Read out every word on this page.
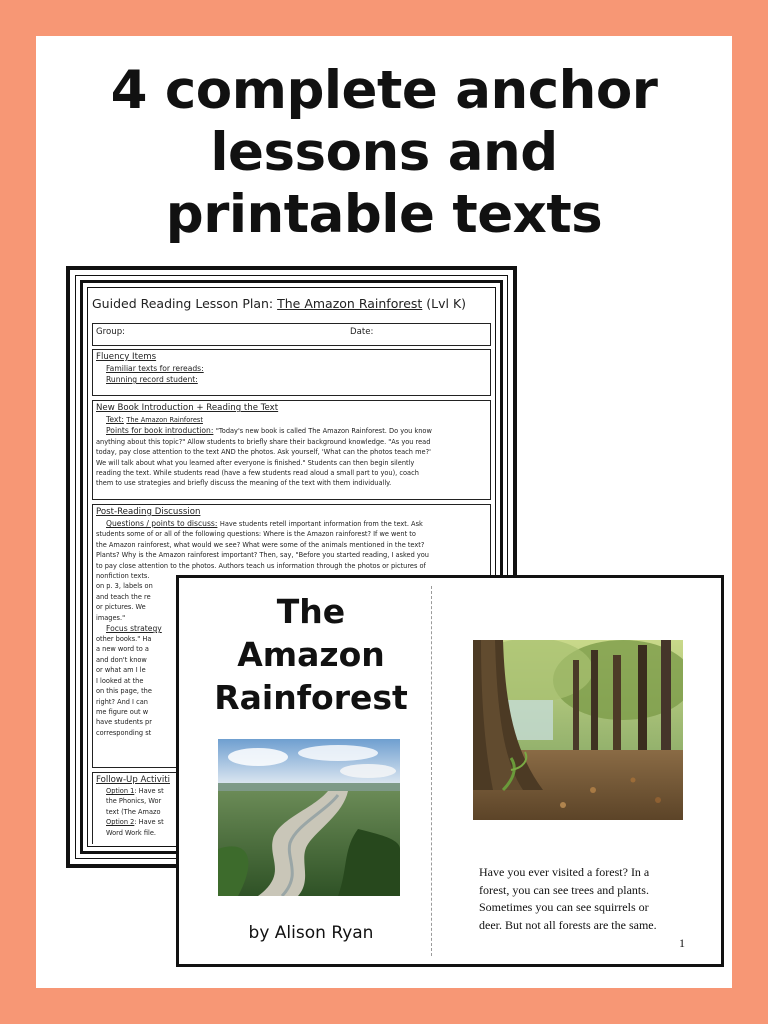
4 complete anchor
lessons and
printable texts
Guided Reading Lesson Plan: The Amazon Rainforest (Lvl K)
Group:	Date:
Fluency Items
Familiar texts for rereads:
Running record student:
New Book Introduction + Reading the Text
Text: The Amazon Rainforest
Points for book introduction: "Today's new book is called The Amazon Rainforest. Do you know
anything about this topic?" Allow students to briefly share their background knowledge. "As you read
today, pay close attention to the text AND the photos. Ask yourself, 'What can the photos teach me?'
We will talk about what you learned after everyone is finished." Students can then begin silently
reading the text. While students read (have a few students read aloud a small part to you), coach
them to use strategies and briefly discuss the meaning of the text with them individually.
Post-Reading Discussion
Questions / points to discuss: Have students retell important information from the text. Ask
students some of or all of the following questions: Where is the Amazon rainforest? If we went to
the Amazon rainforest, what would we see? What were some of the animals mentioned in the text?
Plants? Why is the Amazon rainforest important? Then, say, "Before you started reading, I asked you
to pay close attention to the photos. Authors teach us information through the photos or pictures of
nonfiction texts.
on p. 3, labels on
and teach the re
or pictures. We
images."
Focus strategy
other books." Ha
a new word to a
and don't know
or what am I le
I looked at the
on this page, the
right? And I can
me figure out w
have students pr
corresponding st
Follow-Up Activiti
Option 1: Have st
the Phonics, Wor
text (The Amazo
Option 2: Have st
Word Work file.
The
Amazon
Rainforest
by Alison Ryan
Have you ever visited a forest? In a
forest, you can see trees and plants.
Sometimes you can see squirrels or
deer. But not all forests are the same.
1
